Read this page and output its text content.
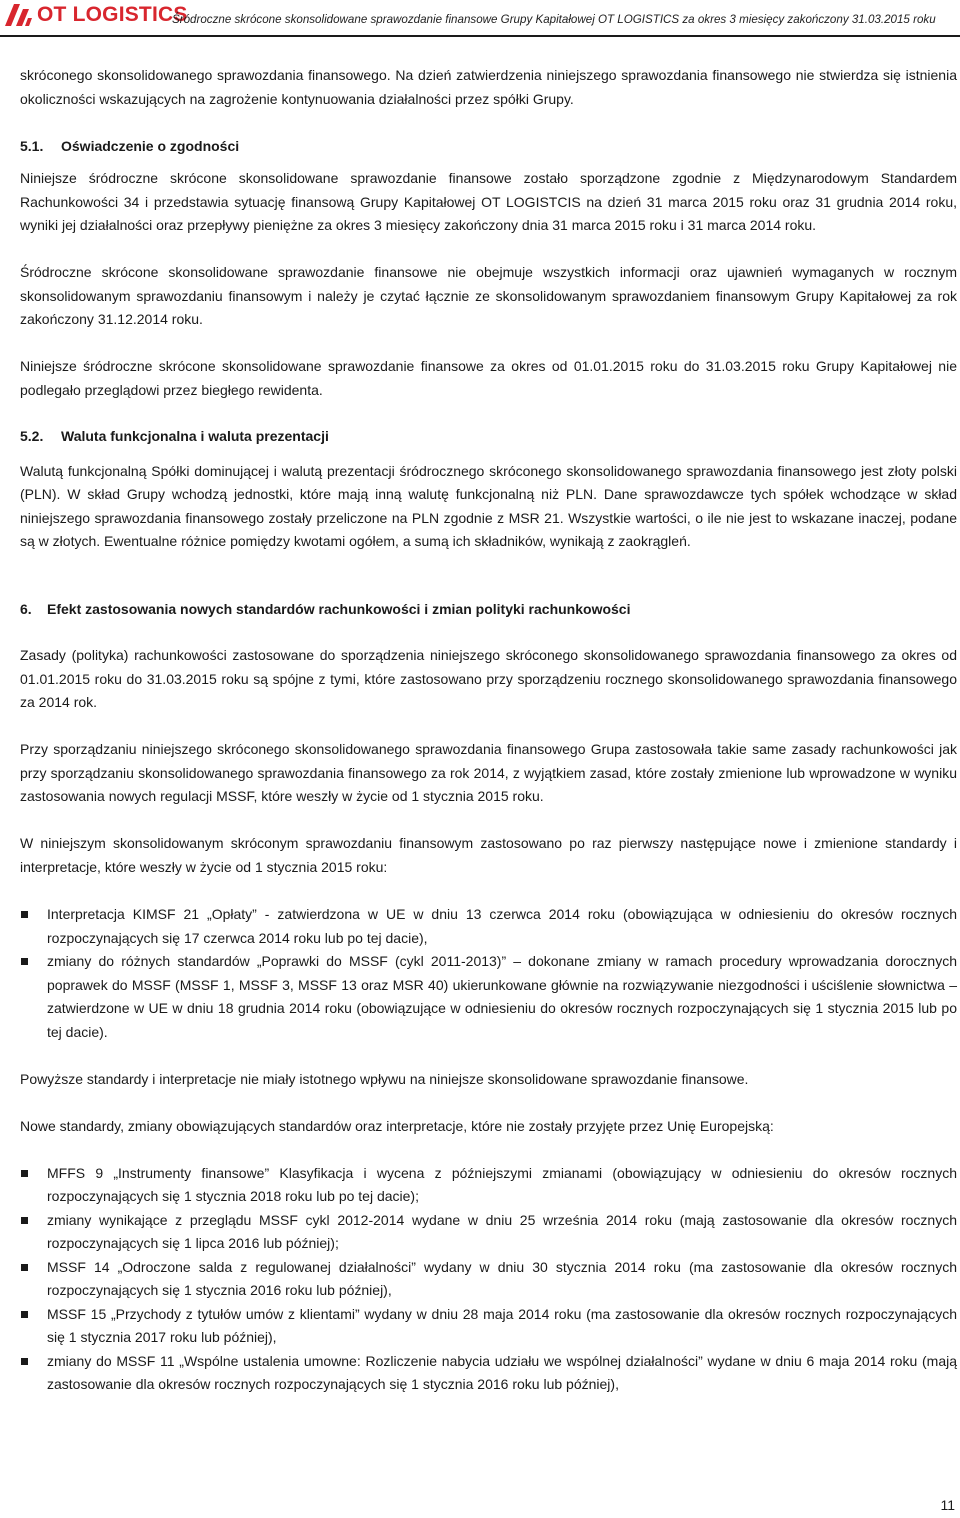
OT LOGISTICS
Śródroczne skrócone skonsolidowane sprawozdanie finansowe Grupy Kapitałowej OT LOGISTICS za okres 3 miesięcy zakończony 31.03.2015 roku

skróconego skonsolidowanego sprawozdania finansowego. Na dzień zatwierdzenia niniejszego sprawozdania finansowego nie stwierdza się istnienia okoliczności wskazujących na zagrożenie kontynuowania działalności przez spółki Grupy.

5.1. Oświadczenie o zgodności

Niniejsze śródroczne skrócone skonsolidowane sprawozdanie finansowe zostało sporządzone zgodnie z Międzynarodowym Standardem Rachunkowości 34 i przedstawia sytuację finansową Grupy Kapitałowej OT LOGISTCIS na dzień 31 marca 2015 roku oraz 31 grudnia 2014 roku, wyniki jej działalności oraz przepływy pieniężne za okres 3 miesięcy zakończony dnia 31 marca 2015 roku i 31 marca 2014 roku.

Śródroczne skrócone skonsolidowane sprawozdanie finansowe nie obejmuje wszystkich informacji oraz ujawnień wymaganych w rocznym skonsolidowanym sprawozdaniu finansowym i należy je czytać łącznie ze skonsolidowanym sprawozdaniem finansowym Grupy Kapitałowej za rok zakończony 31.12.2014 roku.

Niniejsze śródroczne skrócone skonsolidowane sprawozdanie finansowe za okres od 01.01.2015 roku do 31.03.2015 roku Grupy Kapitałowej nie podlegało przeglądowi przez biegłego rewidenta.

5.2. Waluta funkcjonalna i waluta prezentacji

Walutą funkcjonalną Spółki dominującej i walutą prezentacji śródrocznego skróconego skonsolidowanego sprawozdania finansowego jest złoty polski (PLN). W skład Grupy wchodzą jednostki, które mają inną walutę funkcjonalną niż PLN. Dane sprawozdawcze tych spółek wchodzące w skład niniejszego sprawozdania finansowego zostały przeliczone na PLN zgodnie z MSR 21. Wszystkie wartości, o ile nie jest to wskazane inaczej, podane są w złotych. Ewentualne różnice pomiędzy kwotami ogółem, a sumą ich składników, wynikają z zaokrągleń.

6. Efekt zastosowania nowych standardów rachunkowości i zmian polityki rachunkowości

Zasady (polityka) rachunkowości zastosowane do sporządzenia niniejszego skróconego skonsolidowanego sprawozdania finansowego za okres od 01.01.2015 roku do 31.03.2015 roku są spójne z tymi, które zastosowano przy sporządzeniu rocznego skonsolidowanego sprawozdania finansowego za 2014 rok.

Przy sporządzaniu niniejszego skróconego skonsolidowanego sprawozdania finansowego Grupa zastosowała takie same zasady rachunkowości jak przy sporządzaniu skonsolidowanego sprawozdania finansowego za rok 2014, z wyjątkiem zasad, które zostały zmienione lub wprowadzone w wyniku zastosowania nowych regulacji MSSF, które weszły w życie od 1 stycznia 2015 roku.

W niniejszym skonsolidowanym skróconym sprawozdaniu finansowym zastosowano po raz pierwszy następujące nowe i zmienione standardy i interpretacje, które weszły w życie od 1 stycznia 2015 roku:

Interpretacja KIMSF 21 „Opłaty” - zatwierdzona w UE w dniu 13 czerwca 2014 roku (obowiązująca w odniesieniu do okresów rocznych rozpoczynających się 17 czerwca 2014 roku lub po tej dacie),
zmiany do różnych standardów „Poprawki do MSSF (cykl 2011-2013)” – dokonane zmiany w ramach procedury wprowadzania dorocznych poprawek do MSSF (MSSF 1, MSSF 3, MSSF 13 oraz MSR 40) ukierunkowane głównie na rozwiązywanie niezgodności i uściślenie słownictwa – zatwierdzone w UE w dniu 18 grudnia 2014 roku (obowiązujące w odniesieniu do okresów rocznych rozpoczynających się 1 stycznia 2015 lub po tej dacie).

Powyższe standardy i interpretacje nie miały istotnego wpływu na niniejsze skonsolidowane sprawozdanie finansowe.

Nowe standardy, zmiany obowiązujących standardów oraz interpretacje, które nie zostały przyjęte przez Unię Europejską:

MFFS 9 „Instrumenty finansowe” Klasyfikacja i wycena z późniejszymi zmianami (obowiązujący w odniesieniu do okresów rocznych rozpoczynających się 1 stycznia 2018 roku lub po tej dacie);
zmiany wynikające z przeglądu MSSF cykl 2012-2014 wydane w dniu 25 września 2014 roku (mają zastosowanie dla okresów rocznych rozpoczynających się 1 lipca 2016 lub później);
MSSF 14 „Odroczone salda z regulowanej działalności” wydany w dniu 30 stycznia 2014 roku (ma zastosowanie dla okresów rocznych rozpoczynających się 1 stycznia 2016 roku lub później),
MSSF 15 „Przychody z tytułów umów z klientami” wydany w dniu 28 maja 2014 roku (ma zastosowanie dla okresów rocznych rozpoczynających się 1 stycznia 2017 roku lub później),
zmiany do MSSF 11 „Wspólne ustalenia umowne: Rozliczenie nabycia udziału we wspólnej działalności” wydane w dniu 6 maja 2014 roku (mają zastosowanie dla okresów rocznych rozpoczynających się 1 stycznia 2016 roku lub później),
11
